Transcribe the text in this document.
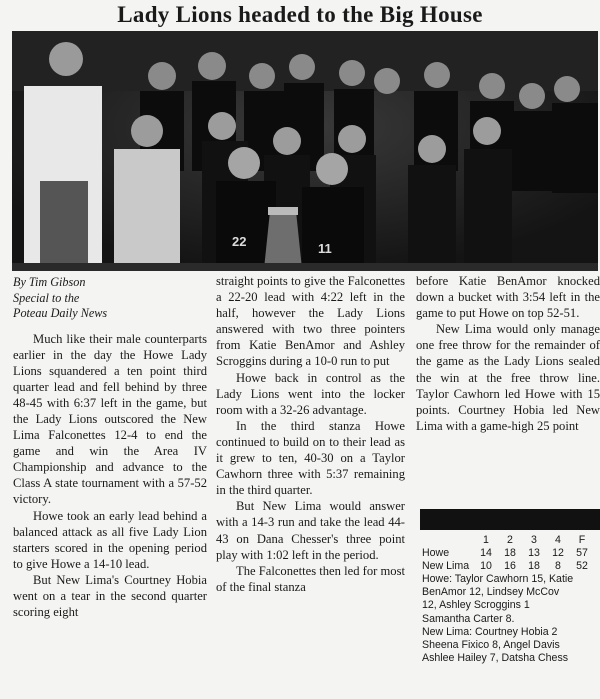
Lady Lions headed to the Big House
22	11

By Tim Gibson
Special to the
Poteau Daily News

Much like their male counterparts earlier in the day the Howe Lady Lions squandered a ten point third quarter lead and fell behind by three 48-45 with 6:37 left in the game, but the Lady Lions outscored the New Lima Falconettes 12-4 to end the game and win the Area IV Championship and advance to the Class A state tournament with a 57-52 victory.

Howe took an early lead behind a balanced attack as all five Lady Lion starters scored in the opening period to give Howe a 14-10 lead.

But New Lima's Courtney Hobia went on a tear in the second quarter scoring eight

straight points to give the Falconettes a 22-20 lead with 4:22 left in the half, however the Lady Lions answered with two three pointers from Katie BenAmor and Ashley Scroggins during a 10-0 run to put

Howe back in control as the Lady Lions went into the locker room with a 32-26 advantage.

In the third stanza Howe continued to build on to their lead as it grew to ten, 40-30 on a Taylor Cawhorn three with 5:37 remaining in the third quarter.

But New Lima would answer with a 14-3 run and take the lead 44-43 on Dana Chesser's three point play with 1:02 left in the period.

The Falconettes then led for most of the final stanza

before Katie BenAmor knocked down a bucket with 3:54 left in the game to put Howe on top 52-51.

New Lima would only manage one free throw for the remainder of the game as the Lady Lions sealed the win at the free throw line. Taylor Cawhorn led Howe with 15 points. Courtney Hobia led New Lima with a game-high 25 point

	1	2	3	4	F
Howe	14	18	13	12	57
New Lima	10	16	18	8	52

Howe: Taylor Cawhorn 15, Katie

BenAmor 12, Lindsey McCov

12, Ashley Scroggins 1

Samantha Carter 8.

New Lima: Courtney Hobia 2

Sheena Fixico 8, Angel Davis

Ashlee Hailey 7, Datsha Chess
